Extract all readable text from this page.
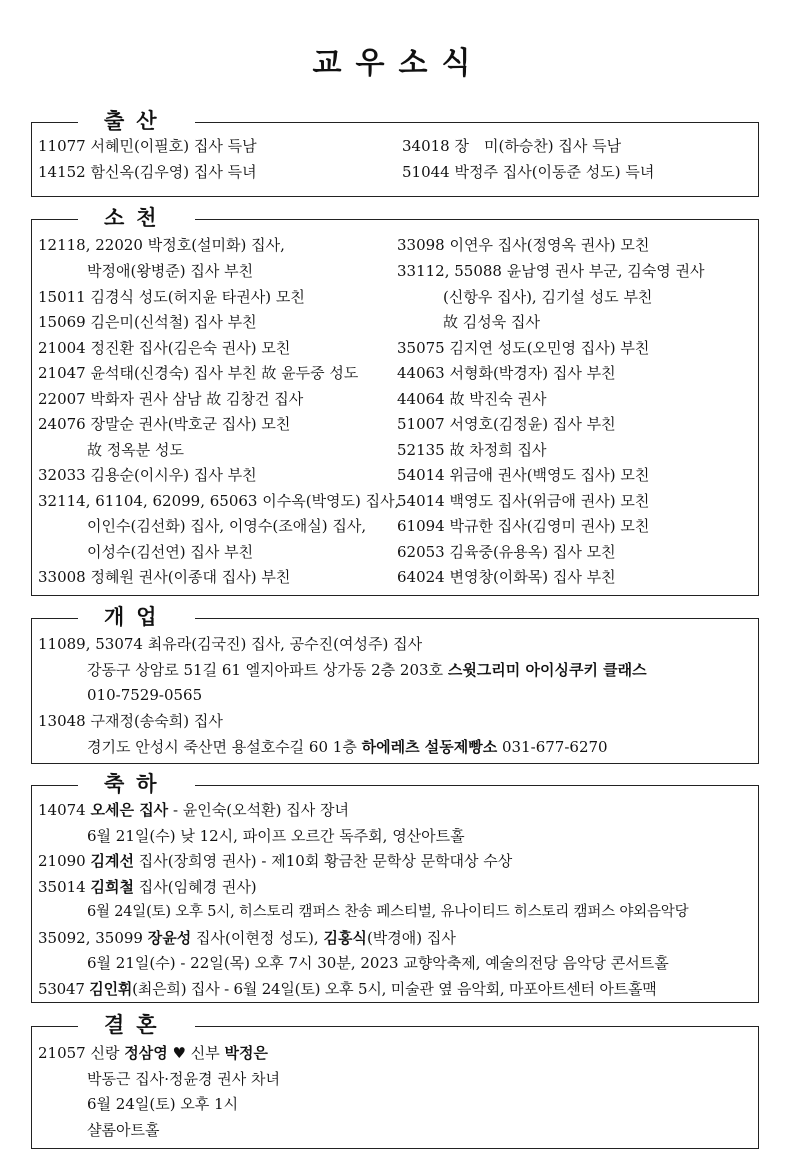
교우소식
출산
11077 서혜민(이필호) 집사 득남	34018 장　미(하승찬) 집사 득남
14152 함신옥(김우영) 집사 득녀	51044 박정주 집사(이동준 성도) 득녀
소천
12118, 22020 박정호(설미화) 집사,
박정애(왕병준) 집사 부친
15011 김경식 성도(허지윤 타권사) 모친
15069 김은미(신석철) 집사 부친
21004 정진환 집사(김은숙 권사) 모친
21047 윤석태(신경숙) 집사 부친 故 윤두중 성도
22007 박화자 권사 삼남 故 김창건 집사
24076 장말순 권사(박호군 집사) 모친
故 정옥분 성도
32033 김용순(이시우) 집사 부친
32114, 61104, 62099, 65063 이수옥(박영도) 집사,
이인수(김선화) 집사, 이영수(조애실) 집사,
이성수(김선연) 집사 부친
33008 정혜원 권사(이종대 집사) 부친
33098 이연우 집사(정영옥 권사) 모친
33112, 55088 윤남영 권사 부군, 김숙영 권사
(신항우 집사), 김기설 성도 부친
故 김성욱 집사
35075 김지연 성도(오민영 집사) 부친
44063 서형화(박경자) 집사 부친
44064 故 박진숙 권사
51007 서영호(김정윤) 집사 부친
52135 故 차정희 집사
54014 위금애 권사(백영도 집사) 모친
54014 백영도 집사(위금애 권사) 모친
61094 박규한 집사(김영미 권사) 모친
62053 김육중(유용옥) 집사 모친
64024 변영창(이화목) 집사 부친
개업
11089, 53074 최유라(김국진) 집사, 공수진(여성주) 집사
강동구 상암로 51길 61 엘지아파트 상가동 2층 203호 스윗그리미 아이싱쿠키 클래스
010-7529-0565
13048 구재정(송숙희) 집사
경기도 안성시 죽산면 용설호수길 60 1층 하에레츠 설동제빵소 031-677-6270
축하
14074 오세은 집사 - 윤인숙(오석환) 집사 장녀
6월 21일(수) 낮 12시, 파이프 오르간 독주회, 영산아트홀
21090 김계선 집사(장희영 권사) - 제10회 황금찬 문학상 문학대상 수상
35014 김희철 집사(임혜경 권사)
6월 24일(토) 오후 5시, 히스토리 캠퍼스 찬송 페스티벌, 유나이티드 히스토리 캠퍼스 야외음악당
35092, 35099 장윤성 집사(이현정 성도), 김홍식(박경애) 집사
6월 21일(수) - 22일(목) 오후 7시 30분, 2023 교향악축제, 예술의전당 음악당 콘서트홀
53047 김인휘(최은희) 집사 - 6월 24일(토) 오후 5시, 미술관 옆 음악회, 마포아트센터 아트홀맥
결혼
21057 신랑 정삼영 ♥ 신부 박정은
박동근 집사·정윤경 권사 차녀
6월 24일(토) 오후 1시
샬롬아트홀
